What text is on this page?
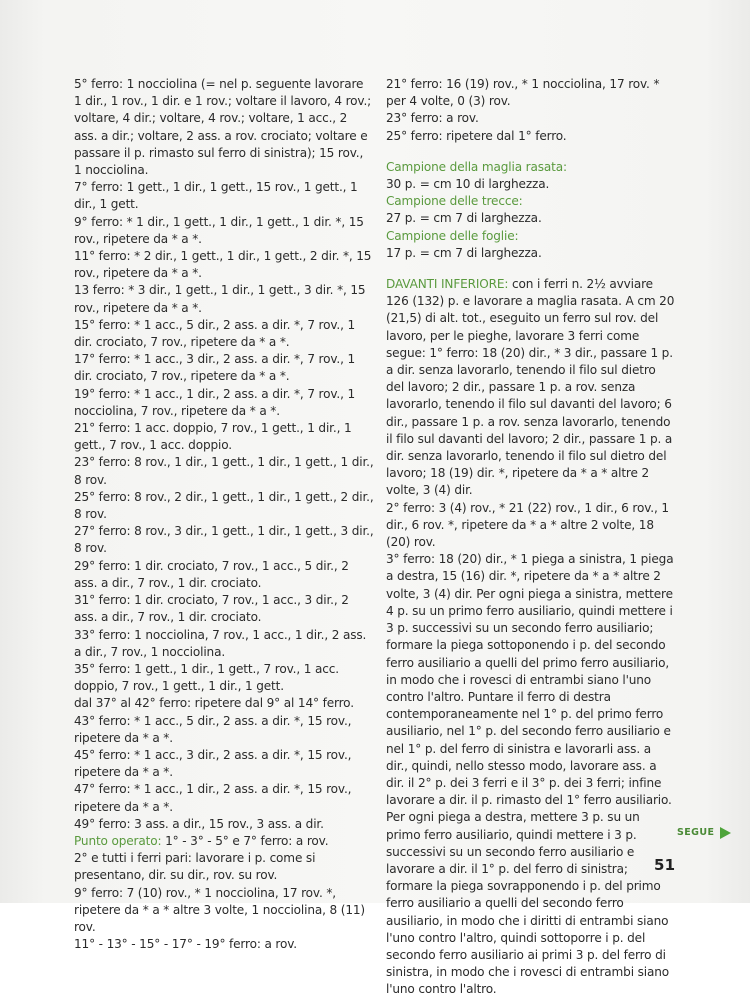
5° ferro: 1 nocciolina (= nel p. seguente lavorare 1 dir., 1 rov., 1 dir. e 1 rov.; voltare il lavoro, 4 rov.; voltare, 4 dir.; voltare, 4 rov.; voltare, 1 acc., 2 ass. a dir.; voltare, 2 ass. a rov. crociato; voltare e passare il p. rimasto sul ferro di sinistra); 15 rov., 1 nocciolina.

7° ferro: 1 gett., 1 dir., 1 gett., 15 rov., 1 gett., 1 dir., 1 gett.

9° ferro: * 1 dir., 1 gett., 1 dir., 1 gett., 1 dir. *, 15 rov., ripetere da * a *.

11° ferro: * 2 dir., 1 gett., 1 dir., 1 gett., 2 dir. *, 15 rov., ripetere da * a *.

13 ferro: * 3 dir., 1 gett., 1 dir., 1 gett., 3 dir. *, 15 rov., ripetere da * a *.

15° ferro: * 1 acc., 5 dir., 2 ass. a dir. *, 7 rov., 1 dir. crociato, 7 rov., ripetere da * a *.

17° ferro: * 1 acc., 3 dir., 2 ass. a dir. *, 7 rov., 1 dir. crociato, 7 rov., ripetere da * a *.

19° ferro: * 1 acc., 1 dir., 2 ass. a dir. *, 7 rov., 1 nocciolina, 7 rov., ripetere da * a *.

21° ferro: 1 acc. doppio, 7 rov., 1 gett., 1 dir., 1 gett., 7 rov., 1 acc. doppio.

23° ferro: 8 rov., 1 dir., 1 gett., 1 dir., 1 gett., 1 dir., 8 rov.

25° ferro: 8 rov., 2 dir., 1 gett., 1 dir., 1 gett., 2 dir., 8 rov.

27° ferro: 8 rov., 3 dir., 1 gett., 1 dir., 1 gett., 3 dir., 8 rov.

29° ferro: 1 dir. crociato, 7 rov., 1 acc., 5 dir., 2 ass. a dir., 7 rov., 1 dir. crociato.

31° ferro: 1 dir. crociato, 7 rov., 1 acc., 3 dir., 2 ass. a dir., 7 rov., 1 dir. crociato.

33° ferro: 1 nocciolina, 7 rov., 1 acc., 1 dir., 2 ass. a dir., 7 rov., 1 nocciolina.

35° ferro: 1 gett., 1 dir., 1 gett., 7 rov., 1 acc. doppio, 7 rov., 1 gett., 1 dir., 1 gett.

dal 37° al 42° ferro: ripetere dal 9° al 14° ferro.

43° ferro: * 1 acc., 5 dir., 2 ass. a dir. *, 15 rov., ripetere da * a *.

45° ferro: * 1 acc., 3 dir., 2 ass. a dir. *, 15 rov., ripetere da * a *.

47° ferro: * 1 acc., 1 dir., 2 ass. a dir. *, 15 rov., ripetere da * a *.

49° ferro: 3 ass. a dir., 15 rov., 3 ass. a dir.

Punto operato: 1° - 3° - 5° e 7° ferro: a rov.

2° e tutti i ferri pari: lavorare i p. come si presentano, dir. su dir., rov. su rov.

9° ferro: 7 (10) rov., * 1 nocciolina, 17 rov. *, ripetere da * a * altre 3 volte, 1 nocciolina, 8 (11) rov.

11° - 13° - 15° - 17° - 19° ferro: a rov.

21° ferro: 16 (19) rov., * 1 nocciolina, 17 rov. * per 4 volte, 0 (3) rov.

23° ferro: a rov.

25° ferro: ripetere dal 1° ferro.

Campione della maglia rasata:

30 p. = cm 10 di larghezza.

Campione delle trecce:

27 p. = cm 7 di larghezza.

Campione delle foglie:

17 p. = cm 7 di larghezza.

DAVANTI INFERIORE: con i ferri n. 2½ avviare 126 (132) p. e lavorare a maglia rasata. A cm 20 (21,5) di alt. tot., eseguito un ferro sul rov. del lavoro, per le pieghe, lavorare 3 ferri come segue: 1° ferro: 18 (20) dir., * 3 dir., passare 1 p. a dir. senza lavorarlo, tenendo il filo sul dietro del lavoro; 2 dir., passare 1 p. a rov. senza lavorarlo, tenendo il filo sul davanti del lavoro; 6 dir., passare 1 p. a rov. senza lavorarlo, tenendo il filo sul davanti del lavoro; 2 dir., passare 1 p. a dir. senza lavorarlo, tenendo il filo sul dietro del lavoro; 18 (19) dir. *, ripetere da * a * altre 2 volte, 3 (4) dir.

2° ferro: 3 (4) rov., * 21 (22) rov., 1 dir., 6 rov., 1 dir., 6 rov. *, ripetere da * a * altre 2 volte, 18 (20) rov.

3° ferro: 18 (20) dir., * 1 piega a sinistra, 1 piega a destra, 15 (16) dir. *, ripetere da * a * altre 2 volte, 3 (4) dir. Per ogni piega a sinistra, mettere 4 p. su un primo ferro ausiliario, quindi mettere i 3 p. successivi su un secondo ferro ausiliario; formare la piega sottoponendo i p. del secondo ferro ausiliario a quelli del primo ferro ausiliario, in modo che i rovesci di entrambi siano l'uno contro l'altro. Puntare il ferro di destra contemporaneamente nel 1° p. del primo ferro ausiliario, nel 1° p. del secondo ferro ausiliario e nel 1° p. del ferro di sinistra e lavorarli ass. a dir., quindi, nello stesso modo, lavorare ass. a dir. il 2° p. dei 3 ferri e il 3° p. dei 3 ferri; infine lavorare a dir. il p. rimasto del 1° ferro ausiliario. Per ogni piega a destra, mettere 3 p. su un primo ferro ausiliario, quindi mettere i 3 p. successivi su un secondo ferro ausiliario e lavorare a dir. il 1° p. del ferro di sinistra; formare la piega sovrapponendo i p. del primo ferro ausiliario a quelli del secondo ferro ausiliario, in modo che i diritti di entrambi siano l'uno contro l'altro, quindi sottoporre i p. del secondo ferro ausiliario ai primi 3 p. del ferro di sinistra, in modo che i rovesci di entrambi siano l'uno contro l'altro.

SEGUE
51
